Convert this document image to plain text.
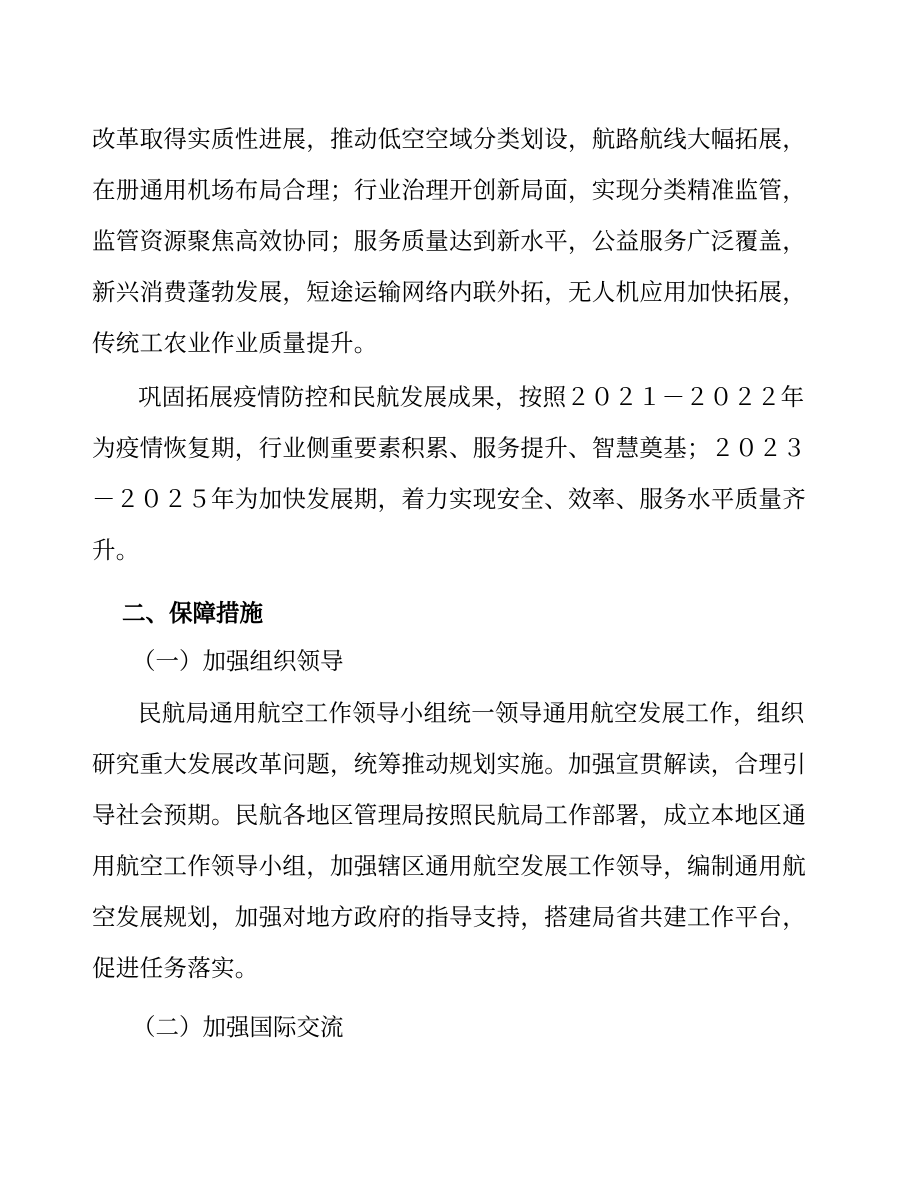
改革取得实质性进展，推动低空空域分类划设，航路航线大幅拓展，
在册通用机场布局合理；行业治理开创新局面，实现分类精准监管，
监管资源聚焦高效协同；服务质量达到新水平，公益服务广泛覆盖，
新兴消费蓬勃发展，短途运输网络内联外拓，无人机应用加快拓展，
传统工农业作业质量提升。
巩固拓展疫情防控和民航发展成果，按照２０２１－２０２２年
为疫情恢复期，行业侧重要素积累、服务提升、智慧奠基；２０２３
－２０２５年为加快发展期，着力实现安全、效率、服务水平质量齐
升。
二、保障措施
（一）加强组织领导
民航局通用航空工作领导小组统一领导通用航空发展工作，组织
研究重大发展改革问题，统筹推动规划实施。加强宣贯解读，合理引
导社会预期。民航各地区管理局按照民航局工作部署，成立本地区通
用航空工作领导小组，加强辖区通用航空发展工作领导，编制通用航
空发展规划，加强对地方政府的指导支持，搭建局省共建工作平台，
促进任务落实。
（二）加强国际交流
